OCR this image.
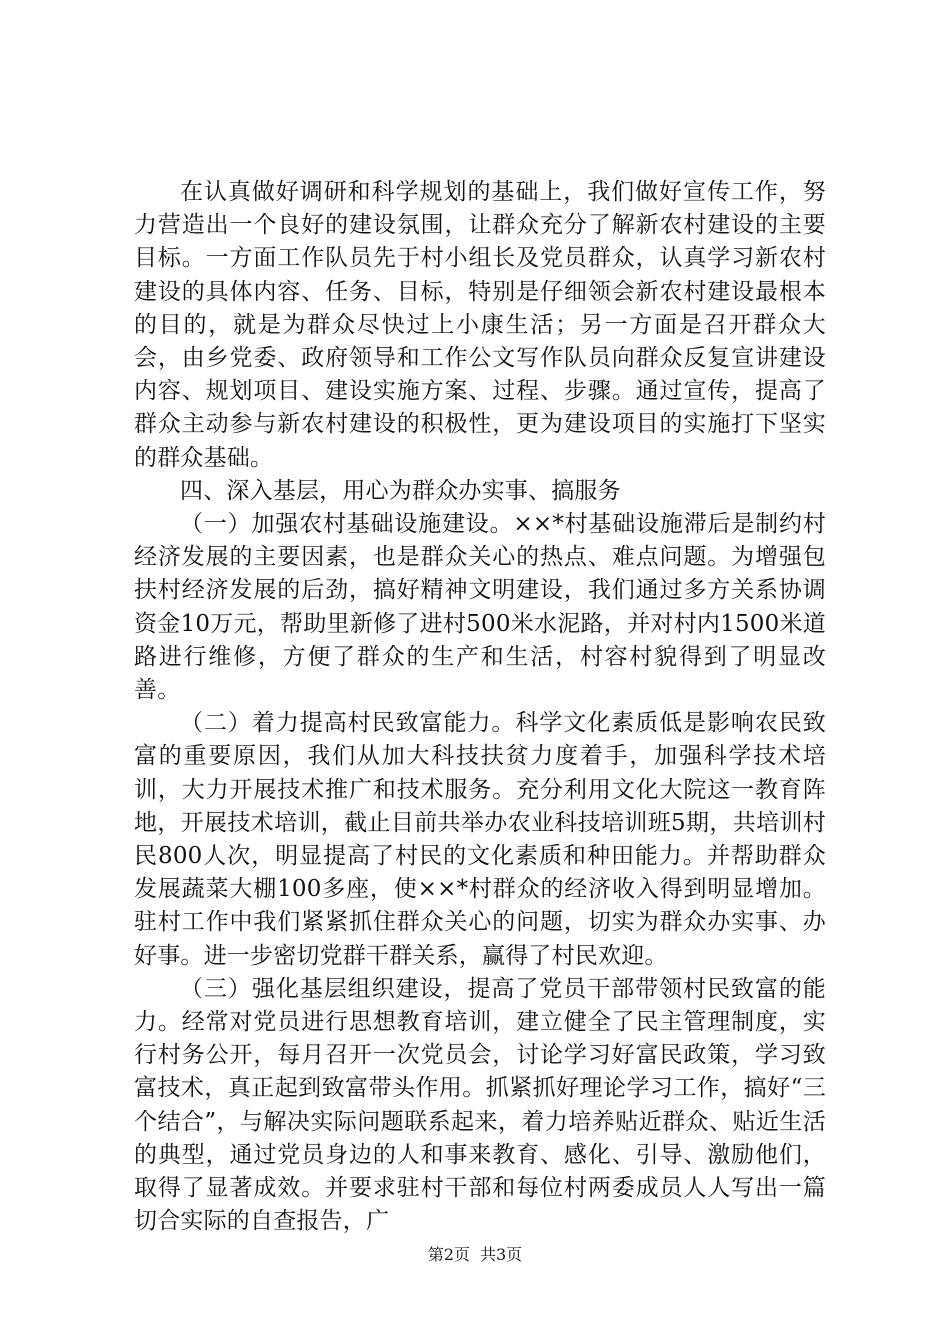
在认真做好调研和科学规划的基础上，我们做好宣传工作，努力营造出一个良好的建设氛围，让群众充分了解新农村建设的主要目标。一方面工作队员先于村小组长及党员群众，认真学习新农村建设的具体内容、任务、目标，特别是仔细领会新农村建设最根本的目的，就是为群众尽快过上小康生活；另一方面是召开群众大会，由乡党委、政府领导和工作公文写作队员向群众反复宣讲建设内容、规划项目、建设实施方案、过程、步骤。通过宣传，提高了群众主动参与新农村建设的积极性，更为建设项目的实施打下坚实的群众基础。

四、深入基层，用心为群众办实事、搞服务

（一）加强农村基础设施建设。××*村基础设施滞后是制约村经济发展的主要因素，也是群众关心的热点、难点问题。为增强包扶村经济发展的后劲，搞好精神文明建设，我们通过多方关系协调资金10万元，帮助里新修了进村500米水泥路，并对村内1500米道路进行维修，方便了群众的生产和生活，村容村貌得到了明显改善。

（二）着力提高村民致富能力。科学文化素质低是影响农民致富的重要原因，我们从加大科技扶贫力度着手，加强科学技术培训，大力开展技术推广和技术服务。充分利用文化大院这一教育阵地，开展技术培训，截止目前共举办农业科技培训班5期，共培训村民800人次，明显提高了村民的文化素质和种田能力。并帮助群众发展蔬菜大棚100多座，使××*村群众的经济收入得到明显增加。驻村工作中我们紧紧抓住群众关心的问题，切实为群众办实事、办好事。进一步密切党群干群关系，赢得了村民欢迎。

（三）强化基层组织建设，提高了党员干部带领村民致富的能力。经常对党员进行思想教育培训，建立健全了民主管理制度，实行村务公开，每月召开一次党员会，讨论学习好富民政策，学习致富技术，真正起到致富带头作用。抓紧抓好理论学习工作，搞好“三个结合”，与解决实际问题联系起来，着力培养贴近群众、贴近生活的典型，通过党员身边的人和事来教育、感化、引导、激励他们，取得了显著成效。并要求驻村干部和每位村两委成员人人写出一篇切合实际的自查报告，广

第2页 共3页
